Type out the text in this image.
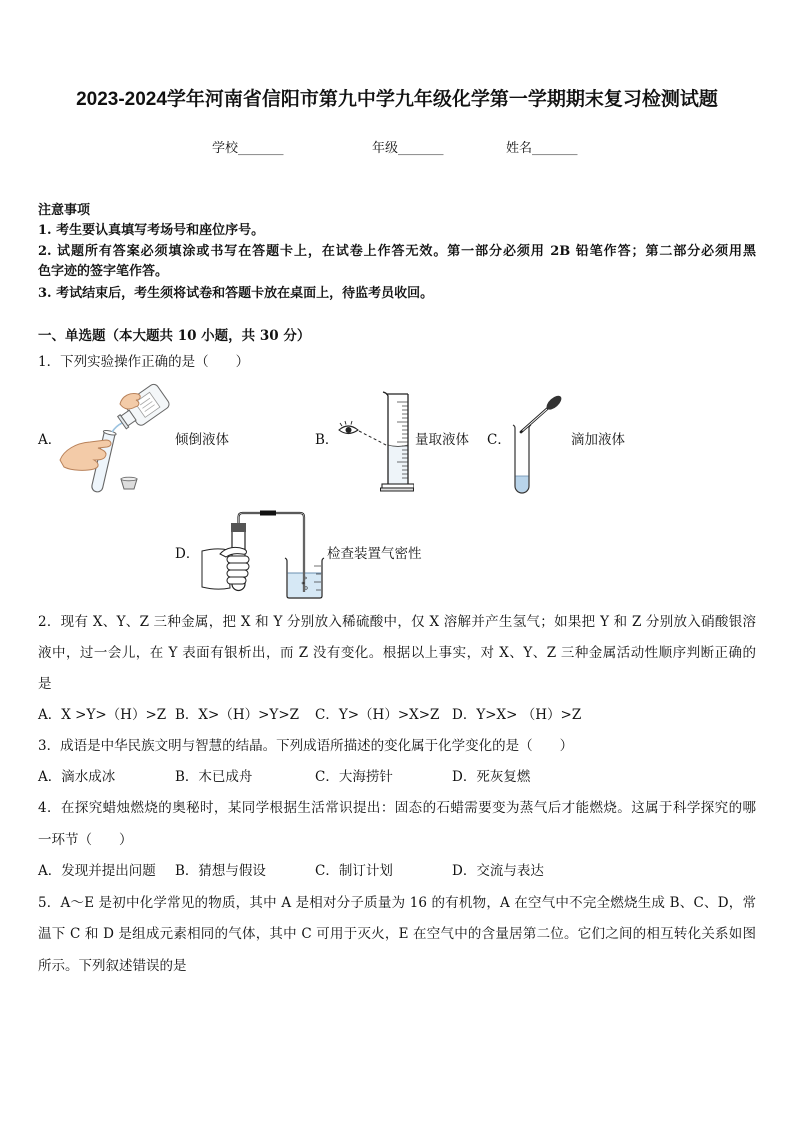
2023-2024学年河南省信阳市第九中学九年级化学第一学期期末复习检测试题
学校_______	年级_______	姓名_______
注意事项
1. 考生要认真填写考场号和座位序号。
2. 试题所有答案必须填涂或书写在答题卡上，在试卷上作答无效。第一部分必须用 2B 铅笔作答；第二部分必须用黑
色字迹的签字笔作答。
3. 考试结束后，考生须将试卷和答题卡放在桌面上，待监考员收回。
一、单选题（本大题共 10 小题，共 30 分）
1．下列实验操作正确的是（　　）
A．	倾倒液体	B．	量取液体 C．	滴加液体
D．	检查装置气密性
2．现有 X、Y、Z 三种金属，把 X 和 Y 分别放入稀硫酸中，仅 X 溶解并产生氢气；如果把 Y 和 Z 分别放入硝酸银溶
液中，过一会儿，在 Y 表面有银析出，而 Z 没有变化。根据以上事实，对 X、Y、Z 三种金属活动性顺序判断正确的
是
A．X >Y>（H）>Z B．X>（H）>Y>Z C．Y>（H）>X>Z D．Y>X> （H）>Z
3．成语是中华民族文明与智慧的结晶。下列成语所描述的变化属于化学变化的是（　　）
A．滴水成冰	B．木已成舟	C．大海捞针	D．死灰复燃
4．在探究蜡烛燃烧的奥秘时，某同学根据生活常识提出：固态的石蜡需要变为蒸气后才能燃烧。这属于科学探究的哪
一环节（　　）
A．发现并提出问题 B．猜想与假设	C．制订计划	D．交流与表达
5．A～E 是初中化学常见的物质，其中 A 是相对分子质量为 16 的有机物，A 在空气中不完全燃烧生成 B、C、D，常
温下 C 和 D 是组成元素相同的气体，其中 C 可用于灭火，E 在空气中的含量居第二位。它们之间的相互转化关系如图
所示。下列叙述错误的是
